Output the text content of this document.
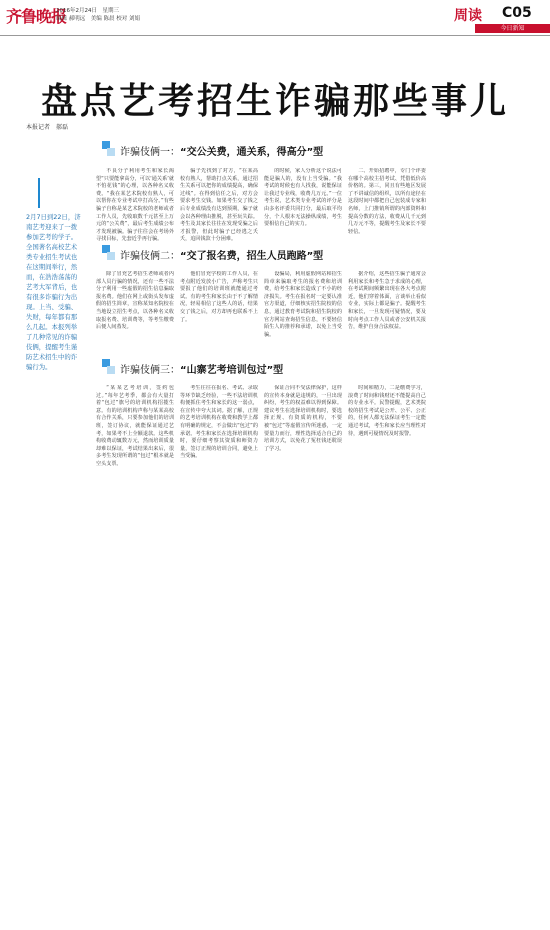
齐鲁晚报
2016年2月24日　星期三
编辑 郝明远　美编 陈晨 校对 刘娟	周读 C05
今日新知
盘点艺考招生诈骗那些事儿
本报记者　郝磊
2月7日到22日，济南艺考迎来了一拨参加艺考的学子。全国著名高校艺术类专业招生考试也在这期间举行，然而，在浩浩荡荡的艺考大军背后，也有很多诈骗行为出现。上当、受骗、失财，每年都有那么几起。本报列举了几种常见的诈骗伎俩，提醒考生谨防艺术招生中的诈骗行为。
诈骗伎俩一：“交公关费，通关系，得高分”型

不良分子利用考生和家长渴望“只要能拿高分，可以‘通关系’就不怕花钱”的心理，以各种名义收费。“我在某艺术院校有熟人，可以帮你在专业考试中打高分。”有些骗子自称是某艺术院校的老师或者工作人员，先收取数千元甚至上万元的“公关费”，最后考生成绩公布才发现被骗。骗子往往会在考场外寻找目标，先套近乎再行骗。

骗子先找到了对方，“在某高校有熟人，帮助打点关系，通过招生关系可以把你的成绩提高，确保过线”。在得到信任之后，对方会要求考生交钱。如果考生交了钱之后专业成绩没有达到预期，骗子就会以各种理由推脱，甚至玩失踪。考生及其家长往往在发现受骗之后才报警，但此时骗子已经逃之夭夭，追回钱款十分困难。

的时候，家人分析这个说法可能是骗人的，没有上当受骗。“我考试的时候也有人找我，说能保证让我过专业线，收费几万元。”一位考生说，艺术类专业考试的评分是由多名评委共同打分，最后取平均分，个人根本无法操纵成绩，考生要相信自己的实力。

二、开始招聘中，专门个评委在哪个高校主招考试、凭借低价高价格的。第三，同且有些地区发展了不讲诚信的组织，以所有途径在这段时间中都把自己包装成专家和名师，上门推销所谓的内部资料和提高分数的方法，收费从几千元到几万元不等，提醒考生及家长不要轻信。

诈骗伎俩二：“交了报名费，招生人员跑路”型

除了冒充艺考招生老师或者内部人员行骗的情况，还有一些不法分子利用一些虚假的招生信息骗取报名费。他们在网上或街头发布虚假的招生简章，宣称某知名院校在当地设立招生考点，以各种名义收取报名费、培训费等，等考生缴费后便人间蒸发。

他们冒充学校的工作人员，在考点附近发放小广告，声称考生只要报了他们的培训班就能通过考试。有的考生和家长由于不了解情况，轻易相信了这些人的话，结果交了钱之后，对方却再也联系不上了。

设骗局，利用虚假网站和招生简章来骗取考生的报名费和培训费，给考生和家长造成了不小的经济损失。考生在报名时一定要认准官方渠道，仔细核实招生院校的信息，通过教育考试院和招生院校的官方网站查询招生信息，不要轻信陌生人的推荐和承诺，以免上当受骗。

据介绍，这些招生骗子通常会利用家长和考生急于求成的心理，在考试期间频繁出现在各大考点附近，他们穿着体面，言谈举止看似专业，实际上都是骗子。提醒考生和家长，一旦发现可疑情况，要及时向考点工作人员或者公安机关报告，维护自身合法权益。

诈骗伎俩三：“山寨艺考培训包过”型

“某某艺考培训，签约包过。”每年艺考季，都会有大量打着“包过”旗号的培训机构招揽生意。有的培训机构声称与某某高校有合作关系，只要参加他们的培训班，签订协议，就能保证通过艺考，如果考不上全额退款。这些机构收费动辄数万元，然而培训质量却难以保证，考试结果出来后，很多考生发现所谓的“包过”根本就是空头支票。

考生往往在报名、考试、录取等环节缺乏经验，一些不法培训机构便抓住考生和家长的这一弱点，在宣传中夸大其词。据了解，正规的艺考培训机构在收费和教学上都有明确的规定，不会做出“包过”的承诺。考生和家长在选择培训机构时，要仔细考察其资质和师资力量，签订正规的培训合同，避免上当受骗。

保证合同不受法律保护，这样的宣传本身就是违规的，一旦出现纠纷，考生的权益难以得到保障。建议考生在选择培训机构时，要选择正规、有资质的机构，不要被“包过”等虚假宣传所迷惑，一定要量力而行，理性选择适合自己的培训方式，以免花了冤枉钱还耽误了学习。

时间和精力，二是缴费学习，浪费了时间和钱财还不能提高自己的专业水平。民警提醒，艺术类院校的招生考试是公开、公平、公正的，任何人都无法保证考生一定能通过考试，考生和家长应当理性对待，遇到可疑情况及时报警。
